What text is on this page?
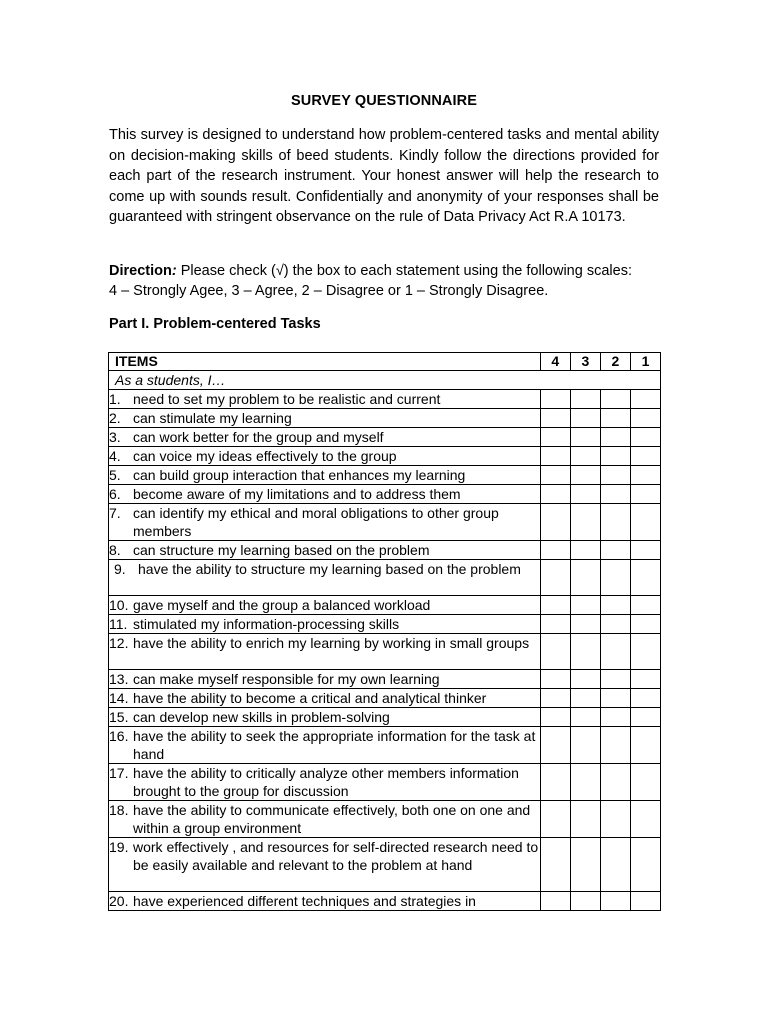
SURVEY QUESTIONNAIRE
This survey is designed to understand how problem-centered tasks and mental ability on decision-making skills of beed students. Kindly follow the directions provided for each part of the research instrument. Your honest answer will help the research to come up with sounds result. Confidentially and anonymity of your responses shall be guaranteed with stringent observance on the rule of Data Privacy Act R.A 10173.
Direction: Please check (√) the box to each statement using the following scales:
4 – Strongly Agee, 3 – Agree, 2 – Disagree or 1 – Strongly Disagree.
Part I. Problem-centered Tasks
ITEMS	4	3	2	1

As a students, I…				

1. need to set my problem to be realistic and current				

2. can stimulate my learning				

3. can work better for the group and myself				

4. can voice my ideas effectively to the group				

5. can build group interaction that enhances my learning				

6. become aware of my limitations and to address them				

7. can identify my ethical and moral obligations to other group members				

8. can structure my learning based on the problem				

9. have the ability to structure my learning based on the problem				

10. gave myself and the group a balanced workload				

11. stimulated my information-processing skills				

12. have the ability to enrich my learning by working in small groups				

13. can make myself responsible for my own learning				

14. have the ability to become a critical and analytical thinker				

15. can develop new skills in problem-solving				

16. have the ability to seek the appropriate information for the task at hand				

17. have the ability to critically analyze other members information brought to the group for discussion				

18. have the ability to communicate effectively, both one on one and within a group environment				

19. work effectively , and resources for self-directed research need to be easily available and relevant to the problem at hand				

20. have experienced different techniques and strategies in				
